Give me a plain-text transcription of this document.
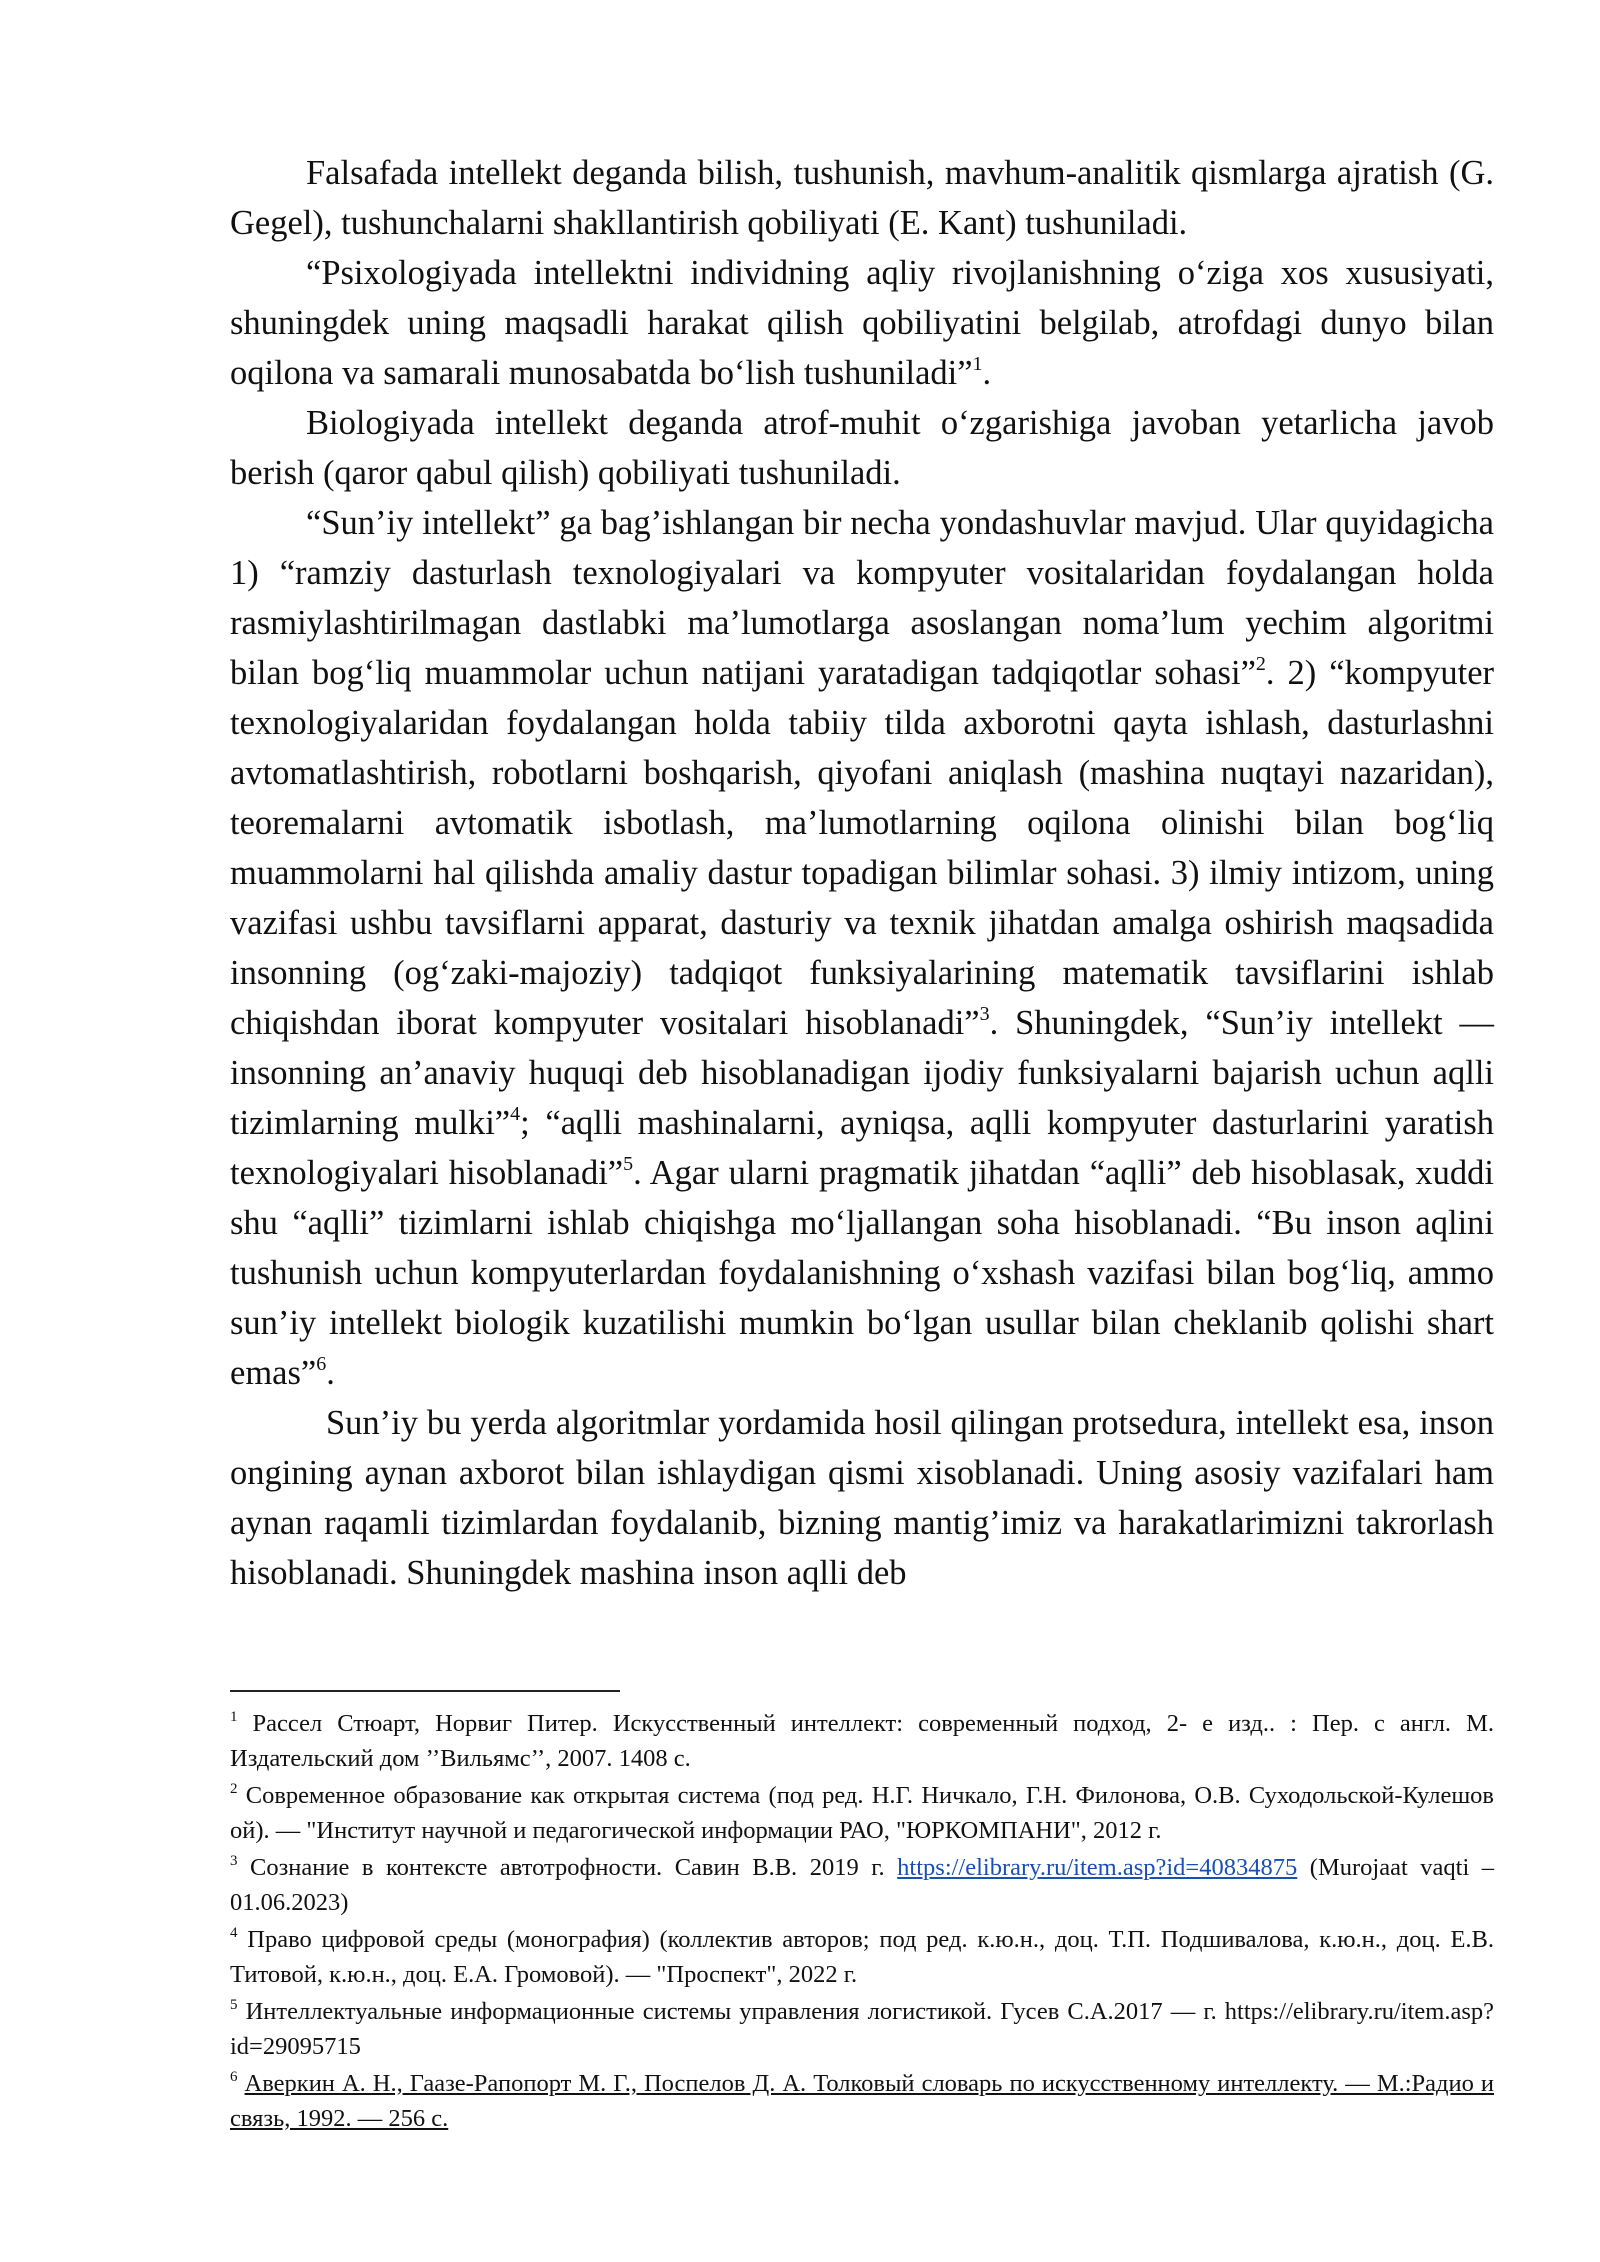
Falsafada intellekt deganda bilish, tushunish, mavhum-analitik qismlarga ajratish (G. Gegel), tushunchalarni shakllantirish qobiliyati (E. Kant) tushuniladi.

“Psixologiyada intellektni individning aqliy rivojlanishning o‘ziga xos xususiyati, shuningdek uning maqsadli harakat qilish qobiliyatini belgilab, atrofdagi dunyo bilan oqilona va samarali munosabatda bo‘lish tushuniladi”$^1$.

Biologiyada intellekt deganda atrof-muhit o‘zgarishiga javoban yetarlicha javob berish (qaror qabul qilish) qobiliyati tushuniladi.

“Sun’iy intellekt” ga bag’ishlangan bir necha yondashuvlar mavjud. Ular quyidagicha 1) “ramziy dasturlash texnologiyalari va kompyuter vositalaridan foydalangan holda rasmiylashtirilmagan dastlabki ma’lumotlarga asoslangan noma’lum yechim algoritmi bilan bog‘liq muammolar uchun natijani yaratadigan tadqiqotlar sohasi”$^2$. 2) “kompyuter texnologiyalaridan foydalangan holda tabiiy tilda axborotni qayta ishlash, dasturlashni avtomatlashtirish, robotlarni boshqarish, qiyofani aniqlash (mashina nuqtayi nazaridan), teoremalarni avtomatik isbotlash, ma’lumotlarning oqilona olinishi bilan bog‘liq muammolarni hal qilishda amaliy dastur topadigan bilimlar sohasi. 3) ilmiy intizom, uning vazifasi ushbu tavsiflarni apparat, dasturiy va texnik jihatdan amalga oshirish maqsadida insonning (og‘zaki-majoziy) tadqiqot funksiyalarining matematik tavsiflarini ishlab chiqishdan iborat kompyuter vositalari hisoblanadi”$^3$. Shuningdek, “Sun’iy intellekt — insonning an’anaviy huquqi deb hisoblanadigan ijodiy funksiyalarni bajarish uchun aqlli tizimlarning mulki”$^4$; “aqlli mashinalarni, ayniqsa, aqlli kompyuter dasturlarini yaratish texnologiyalari hisoblanadi”$^5$. Agar ularni pragmatik jihatdan “aqlli” deb hisoblasak, xuddi shu “aqlli” tizimlarni ishlab chiqishga mo‘ljallangan soha hisoblanadi. “Bu inson aqlini tushunish uchun kompyuterlardan foydalanishning o‘xshash vazifasi bilan bog‘liq, ammo sun’iy intellekt biologik kuzatilishi mumkin bo‘lgan usullar bilan cheklanib qolishi shart emas”$^6$.

Sun’iy bu yerda algoritmlar yordamida hosil qilingan protsedura, intellekt esa, inson ongining aynan axborot bilan ishlaydigan qismi xisoblanadi. Uning asosiy vazifalari ham aynan raqamli tizimlardan foydalanib, bizning mantig’imiz va harakatlarimizni takrorlash hisoblanadi. Shuningdek mashina inson aqlli deb

$^1$ Рассел Стюарт, Норвиг Питер. Искусственный интеллект: современный подход, 2- е изд.. : Пер. с англ. М. Издательский дом ’’Вильямс’’, 2007. 1408 с.

$^2$ Современное образование как открытая система (под ред. Н.Г. Ничкало, Г.Н. Филонова, О.В. Суходольской-Кулешов ой). — "Институт научной и педагогической информации РАО, "ЮРКОМПАНИ", 2012 г.

$^3$ Сознание в контексте автотрофности. Савин В.В. 2019 г. https://elibrary.ru/item.asp?id=40834875 (Murojaat vaqti – 01.06.2023)

$^4$ Право цифровой среды (монография) (коллектив авторов; под ред. к.ю.н., доц. Т.П. Подшивалова, к.ю.н., доц. Е.В. Титовой, к.ю.н., доц. Е.А. Громовой). — "Проспект", 2022 г.

$^5$ Интеллектуальные информационные системы управления логистикой. Гусев С.А.2017 — г. https://elibrary.ru/item.asp?id=29095715

$^6$ Аверкин А. Н., Гаазе-Рапопорт М. Г., Поспелов Д. А. Толковый словарь по искусственному интеллекту. — М.:Радио и связь, 1992. — 256 с.
